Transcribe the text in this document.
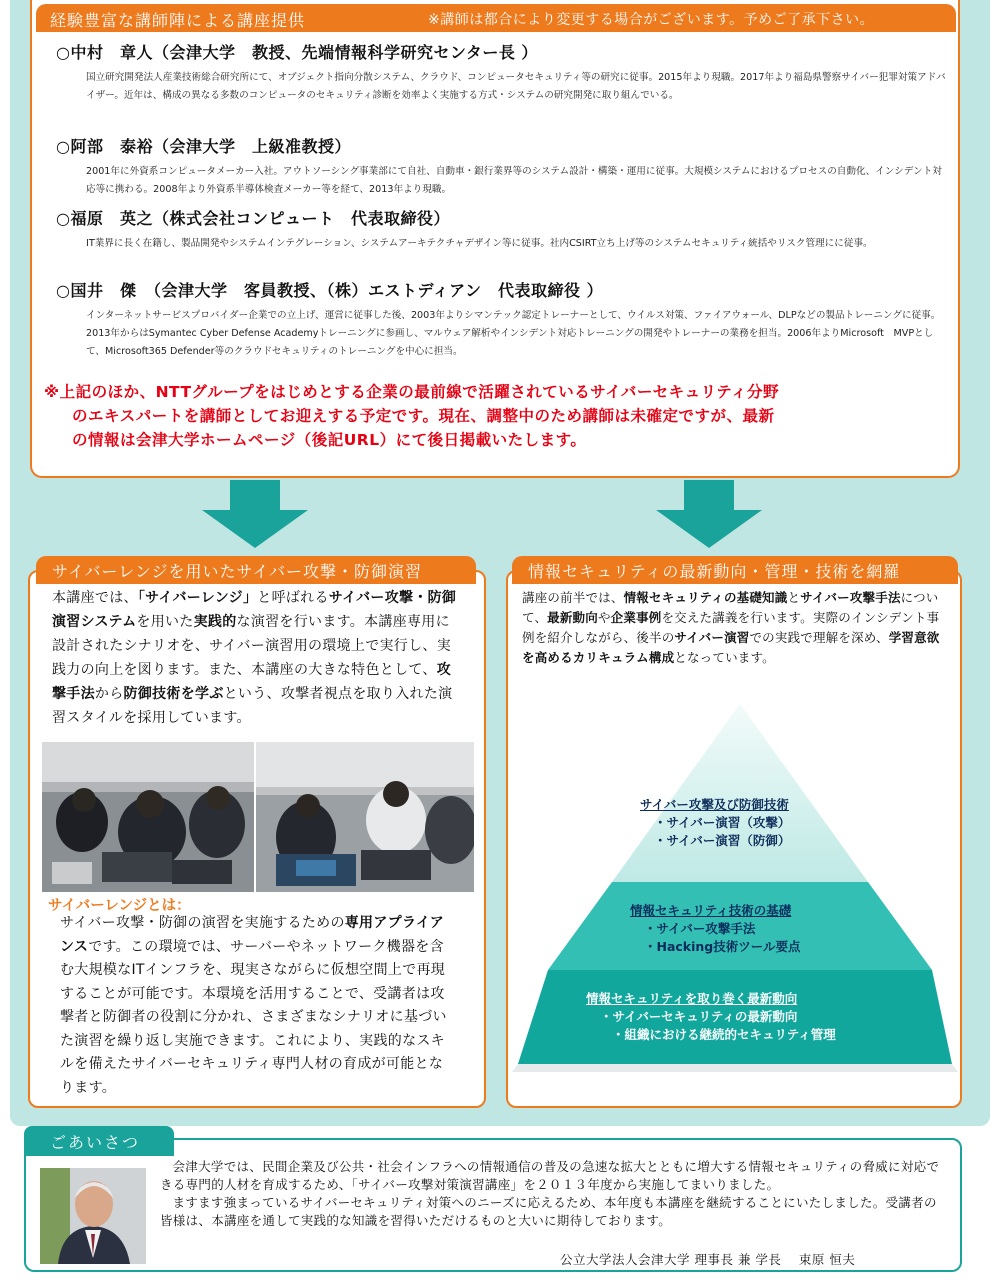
経験豊富な講師陣による講座提供	※講師は都合により変更する場合がございます。予めご了承下さい。
○中村　章人（会津大学　教授、先端情報科学研究センター長 ）
国立研究開発法人産業技術総合研究所にて、オブジェクト指向分散システム、クラウド、コンピュータセキュリティ等の研究に従事。2015年より現職。2017年より福島県警察サイバー犯罪対策アドバイザー。近年は、構成の異なる多数のコンピュータのセキュリティ診断を効率よく実施する方式・システムの研究開発に取り組んでいる。
○阿部　泰裕（会津大学　上級准教授）
2001年に外資系コンピュータメーカー入社。アウトソーシング事業部にて自社、自動車・銀行業界等のシステム設計・構築・運用に従事。大規模システムにおけるプロセスの自動化、インシデント対応等に携わる。2008年より外資系半導体検査メーカー等を経て、2013年より現職。
○福原　英之（株式会社コンピュート　代表取締役）
IT業界に長く在籍し、製品開発やシステムインテグレーション、システムアーキテクチャデザイン等に従事。社内CSIRT立ち上げ等のシステムセキュリティ統括やリスク管理にに従事。
○国井　傑　（会津大学　客員教授、（株）エストディアン　代表取締役 ）
インターネットサービスプロバイダー企業での立上げ、運営に従事した後、2003年よりシマンテック認定トレーナーとして、ウイルス対策、ファイアウォール、DLPなどの製品トレーニングに従事。2013年からはSymantec Cyber Defense Academyトレーニングに参画し、マルウェア解析やインシデント対応トレーニングの開発やトレーナーの業務を担当。2006年よりMicrosoft　MVPとして、Microsoft365 Defender等のクラウドセキュリティのトレーニングを中心に担当。
※上記のほか、NTTグループをはじめとする企業の最前線で活躍されているサイバーセキュリティ分野
のエキスパートを講師としてお迎えする予定です。現在、調整中のため講師は未確定ですが、最新
の情報は会津大学ホームページ（後記URL）にて後日掲載いたします。
サイバーレンジを用いたサイバー攻撃・防御演習
本講座では、「サイバーレンジ」と呼ばれるサイバー攻撃・防御演習システムを用いた実践的な演習を行います。本講座専用に設計されたシナリオを、サイバー演習用の環境上で実行し、実践力の向上を図ります。また、本講座の大きな特色として、攻撃手法から防御技術を学ぶという、攻撃者視点を取り入れた演習スタイルを採用しています。
サイバーレンジとは：
サイバー攻撃・防御の演習を実施するための専用アプライアンスです。この環境では、サーバーやネットワーク機器を含む大規模なITインフラを、現実さながらに仮想空間上で再現することが可能です。本環境を活用することで、受講者は攻撃者と防御者の役割に分かれ、さまざまなシナリオに基づいた演習を繰り返し実施できます。これにより、実践的なスキルを備えたサイバーセキュリティ専門人材の育成が可能となります。
情報セキュリティの最新動向・管理・技術を網羅
講座の前半では、情報セキュリティの基礎知識とサイバー攻撃手法について、最新動向や企業事例を交えた講義を行います。実際のインシデント事例を紹介しながら、後半のサイバー演習での実践で理解を深め、学習意欲を高めるカリキュラム構成となっています。
サイバー攻撃及び防御技術
・サイバー演習（攻撃）
・サイバー演習（防御）
情報セキュリティ技術の基礎
・サイバー攻撃手法
・Hacking技術ツール要点
情報セキュリティを取り巻く最新動向
・サイバーセキュリティの最新動向
・組織における継続的セキュリティ管理
ごあいさつ

会津大学では、民間企業及び公共・社会インフラへの情報通信の普及の急速な拡大とともに増大する情報セキュリティの脅威に対応できる専門的人材を育成するため、「サイバー攻撃対策演習講座」を２０１３年度から実施してまいりました。

ますます強まっているサイバーセキュリティ対策へのニーズに応えるため、本年度も本講座を継続することにいたしました。受講者の皆様は、本講座を通して実践的な知識を習得いただけるものと大いに期待しております。

公立大学法人会津大学 理事長 兼 学長　 束原 恒夫
